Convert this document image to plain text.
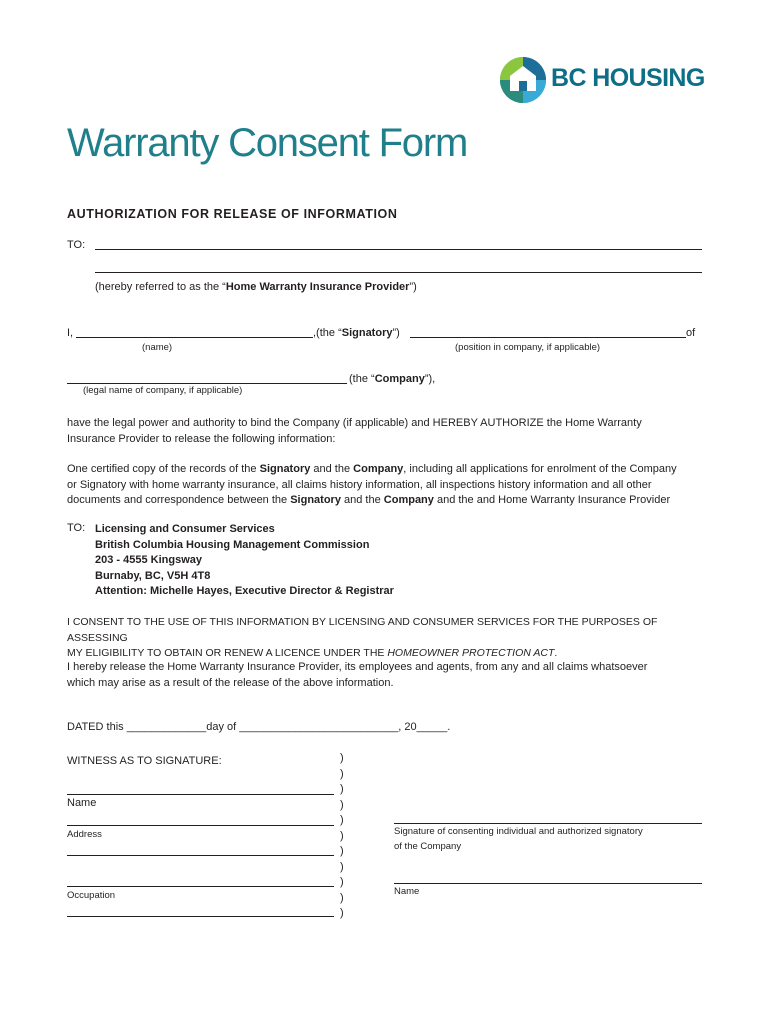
BC HOUSING
Warranty Consent Form
AUTHORIZATION FOR RELEASE OF INFORMATION
TO:
(hereby referred to as the “Home Warranty Insurance Provider”)
I,	,(the “Signatory”)	of
(name)	(position in company, if applicable)
(the “Company”),
(legal name of company, if applicable)
have the legal power and authority to bind the Company (if applicable) and HEREBY AUTHORIZE the Home Warranty
Insurance Provider to release the following information:
One certified copy of the records of the Signatory and the Company, including all applications for enrolment of the Company
or Signatory with home warranty insurance, all claims history information, all inspections history information and all other
documents and correspondence between the Signatory and the Company and the and Home Warranty Insurance Provider
TO: Licensing and Consumer Services
British Columbia Housing Management Commission
203 - 4555 Kingsway
Burnaby, BC, V5H 4T8
Attention: Michelle Hayes, Executive Director & Registrar
I CONSENT TO THE USE OF THIS INFORMATION BY LICENSING AND CONSUMER SERVICES FOR THE PURPOSES OF ASSESSING
MY ELIGIBILITY TO OBTAIN OR RENEW A LICENCE UNDER THE HOMEOWNER PROTECTION ACT.
I hereby release the Home Warranty Insurance Provider, its employees and agents, from any and all claims whatsoever
which may arise as a result of the release of the above information.
DATED this _____________day of __________________________, 20_____.
WITNESS AS TO SIGNATURE:
Name
Address
Occupation
)
)
)
)
)
)
)
)
)
)
)
Signature of consenting individual and authorized signatory
of the Company
Name
